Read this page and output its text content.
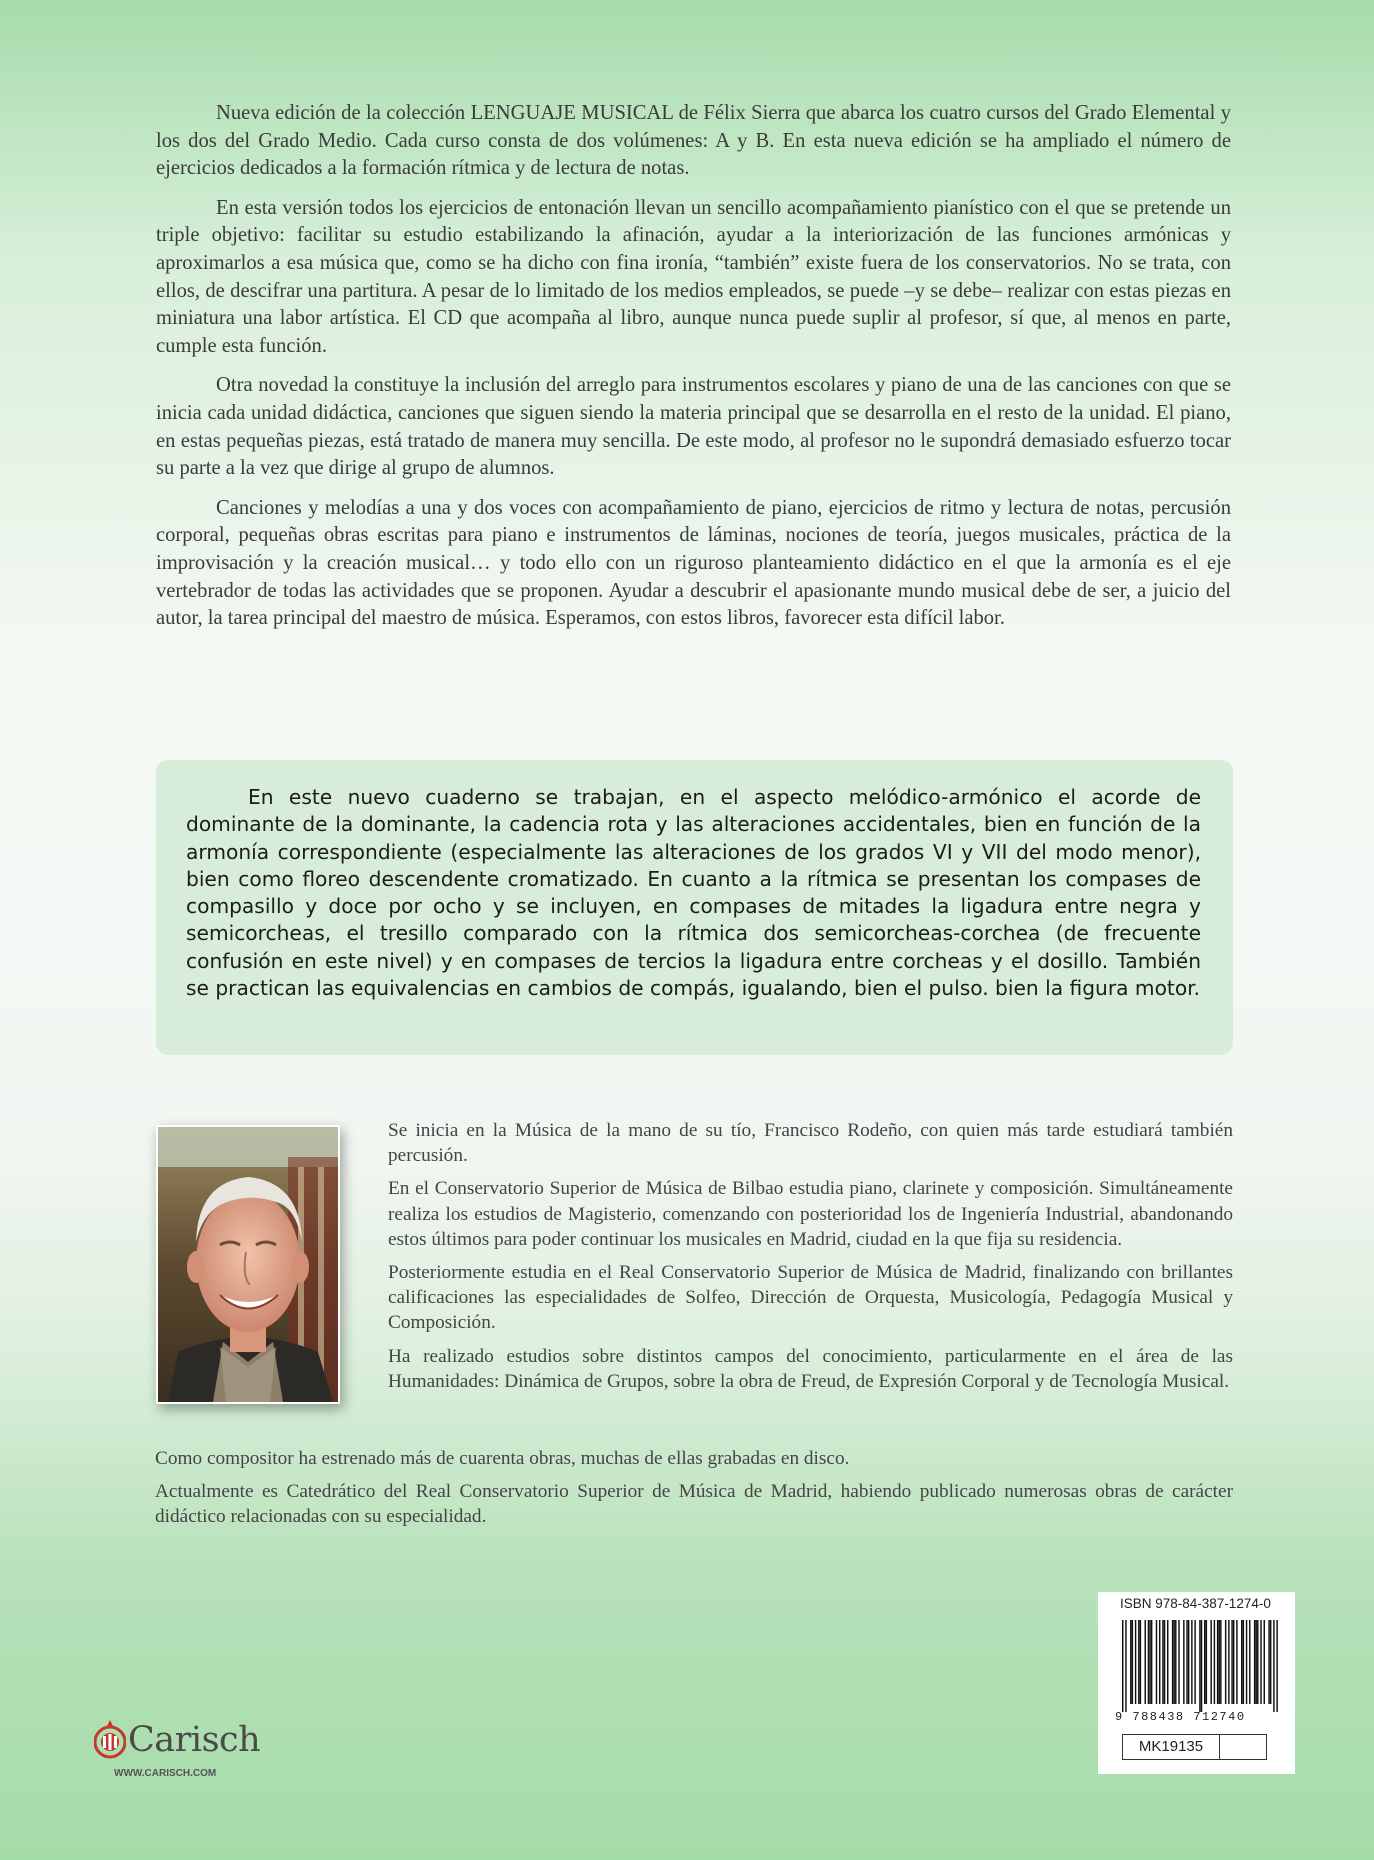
Nueva edición de la colección LENGUAJE MUSICAL de Félix Sierra que abarca los cuatro cursos del Grado Elemental y los dos del Grado Medio. Cada curso consta de dos volúmenes: A y B. En esta nueva edición se ha ampliado el número de ejercicios dedicados a la formación rítmica y de lectura de notas.

En esta versión todos los ejercicios de entonación llevan un sencillo acompañamiento pianístico con el que se pretende un triple objetivo: facilitar su estudio estabilizando la afinación, ayudar a la interiorización de las funciones armónicas y aproximarlos a esa música que, como se ha dicho con fina ironía, “también” existe fuera de los conservatorios. No se trata, con ellos, de descifrar una partitura. A pesar de lo limitado de los medios empleados, se puede –y se debe– realizar con estas piezas en miniatura una labor artística. El CD que acompaña al libro, aunque nunca puede suplir al profesor, sí que, al menos en parte, cumple esta función.

Otra novedad la constituye la inclusión del arreglo para instrumentos escolares y piano de una de las canciones con que se inicia cada unidad didáctica, canciones que siguen siendo la materia principal que se desarrolla en el resto de la unidad. El piano, en estas pequeñas piezas, está tratado de manera muy sencilla. De este modo, al profesor no le supondrá demasiado esfuerzo tocar su parte a la vez que dirige al grupo de alumnos.

Canciones y melodías a una y dos voces con acompañamiento de piano, ejercicios de ritmo y lectura de notas, percusión corporal, pequeñas obras escritas para piano e instrumentos de láminas, nociones de teoría, juegos musicales, práctica de la improvisación y la creación musical… y todo ello con un riguroso planteamiento didáctico en el que la armonía es el eje vertebrador de todas las actividades que se proponen. Ayudar a descubrir el apasionante mundo musical debe de ser, a juicio del autor, la tarea principal del maestro de música. Esperamos, con estos libros, favorecer esta difícil labor.

En este nuevo cuaderno se trabajan, en el aspecto melódico-armónico el acorde de dominante de la dominante, la cadencia rota y las alteraciones accidentales, bien en función de la armonía correspondiente (especialmente las alteraciones de los grados VI y VII del modo menor), bien como floreo descendente cromatizado. En cuanto a la rítmica se presentan los compases de compasillo y doce por ocho y se incluyen, en compases de mitades la ligadura entre negra y semicorcheas, el tresillo comparado con la rítmica dos semicorcheas-corchea (de frecuente confusión en este nivel) y en compases de tercios la ligadura entre corcheas y el dosillo. También se practican las equivalencias en cambios de compás, igualando, bien el pulso. bien la figura motor.

Se inicia en la Música de la mano de su tío, Francisco Rodeño, con quien más tarde estudiará también percusión.

En el Conservatorio Superior de Música de Bilbao estudia piano, clarinete y composición. Simultáneamente realiza los estudios de Magisterio, comenzando con posterioridad los de Ingeniería Industrial, abandonando estos últimos para poder continuar los musicales en Madrid, ciudad en la que fija su residencia.

Posteriormente estudia en el Real Conservatorio Superior de Música de Madrid, finalizando con brillantes calificaciones las especialidades de Solfeo, Dirección de Orquesta, Musicología, Pedagogía Musical y Composición.

Ha realizado estudios sobre distintos campos del conocimiento, particularmente en el área de las Humanidades: Dinámica de Grupos, sobre la obra de Freud, de Expresión Corporal y de Tecnología Musical.

Como compositor ha estrenado más de cuarenta obras, muchas de ellas grabadas en disco.

Actualmente es Catedrático del Real Conservatorio Superior de Música de Madrid, habiendo publicado numerosas obras de carácter didáctico relacionadas con su especialidad.

Carisch
WWW.CARISCH.COM
ISBN 978-84-387-1274-0
9 788438 712740
MK19135
